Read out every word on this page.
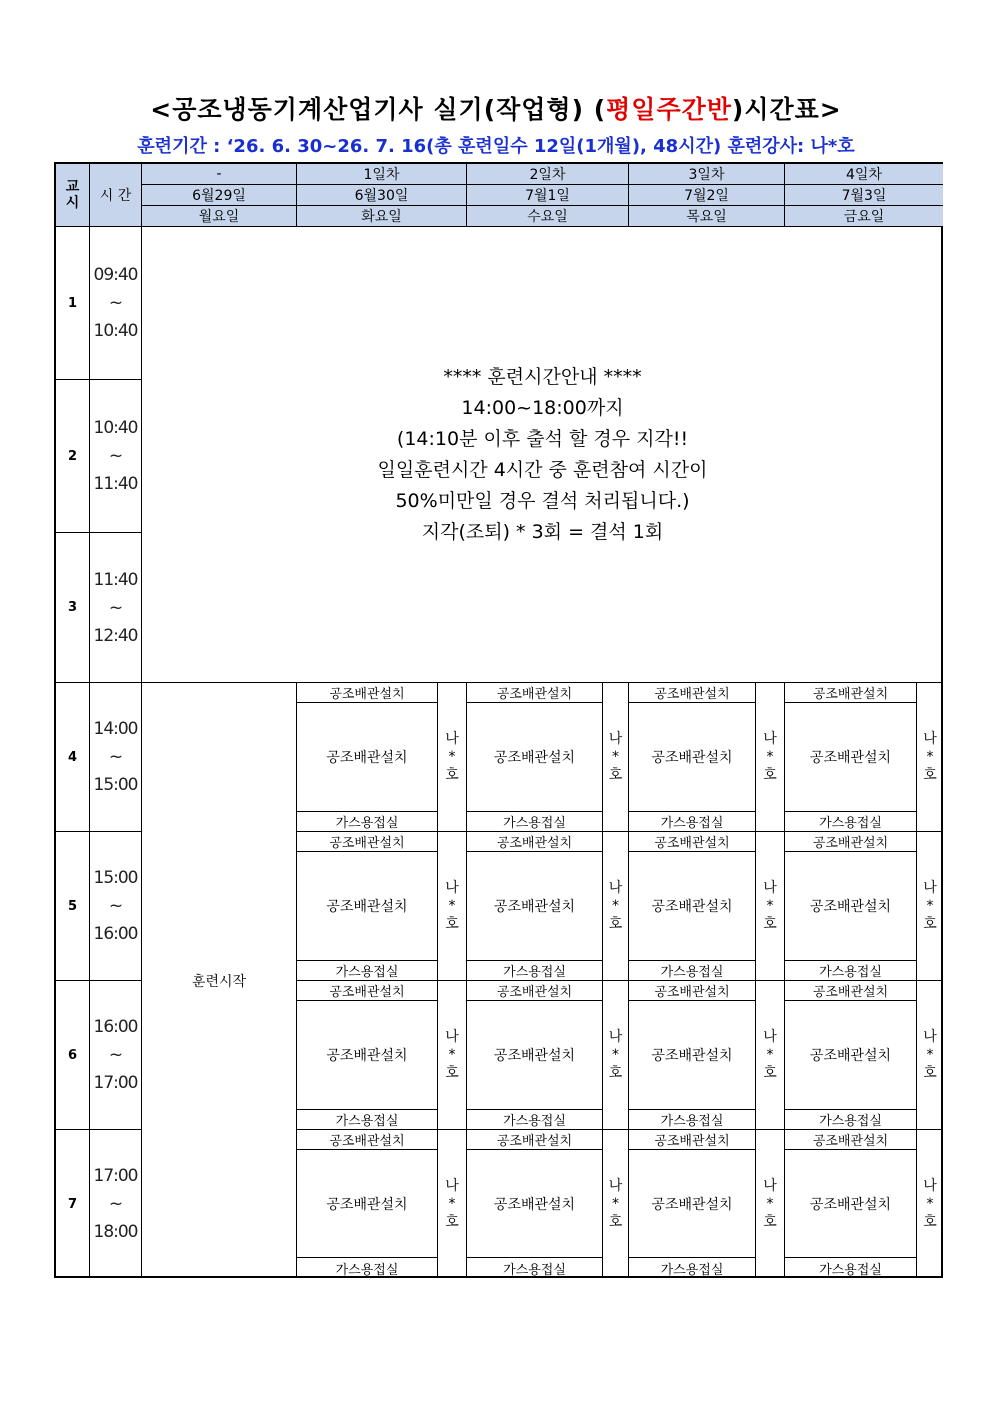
<공조냉동기계산업기사 실기(작업형) (평일주간반)시간표>
훈련기간 : ‘26. 6. 30~26. 7. 16(총 훈련일수 12일(1개월), 48시간) 훈련강사: 나*호
교시	시 간
-
6월29일
월요일
1일차
6월30일
화요일
2일차
7월1일
수요일
3일차
7월2일
목요일
4일차
7월3일
금요일
1
09:40
~
10:40
2
10:40
~
11:40
3
11:40
~
12:40
4
14:00
~
15:00
5
15:00
~
16:00
6
16:00
~
17:00
7
17:00
~
18:00
**** 훈련시간안내 ****
14:00~18:00까지
(14:10분 이후 출석 할 경우 지각!!
일일훈련시간 4시간 중 훈련참여 시간이
50%미만일 경우 결석 처리됩니다.)
지각(조퇴) * 3회 = 결석 1회
훈련시작
공조배관설치
공조배관설치
가스용접실
나
*
호
공조배관설치
공조배관설치
가스용접실
나
*
호
공조배관설치
공조배관설치
가스용접실
나
*
호
공조배관설치
공조배관설치
가스용접실
나
*
호
공조배관설치
공조배관설치
가스용접실
나
*
호
공조배관설치
공조배관설치
가스용접실
나
*
호
공조배관설치
공조배관설치
가스용접실
나
*
호
공조배관설치
공조배관설치
가스용접실
나
*
호
공조배관설치
공조배관설치
가스용접실
나
*
호
공조배관설치
공조배관설치
가스용접실
나
*
호
공조배관설치
공조배관설치
가스용접실
나
*
호
공조배관설치
공조배관설치
가스용접실
나
*
호
공조배관설치
공조배관설치
가스용접실
나
*
호
공조배관설치
공조배관설치
가스용접실
나
*
호
공조배관설치
공조배관설치
가스용접실
나
*
호
공조배관설치
공조배관설치
가스용접실
나
*
호
